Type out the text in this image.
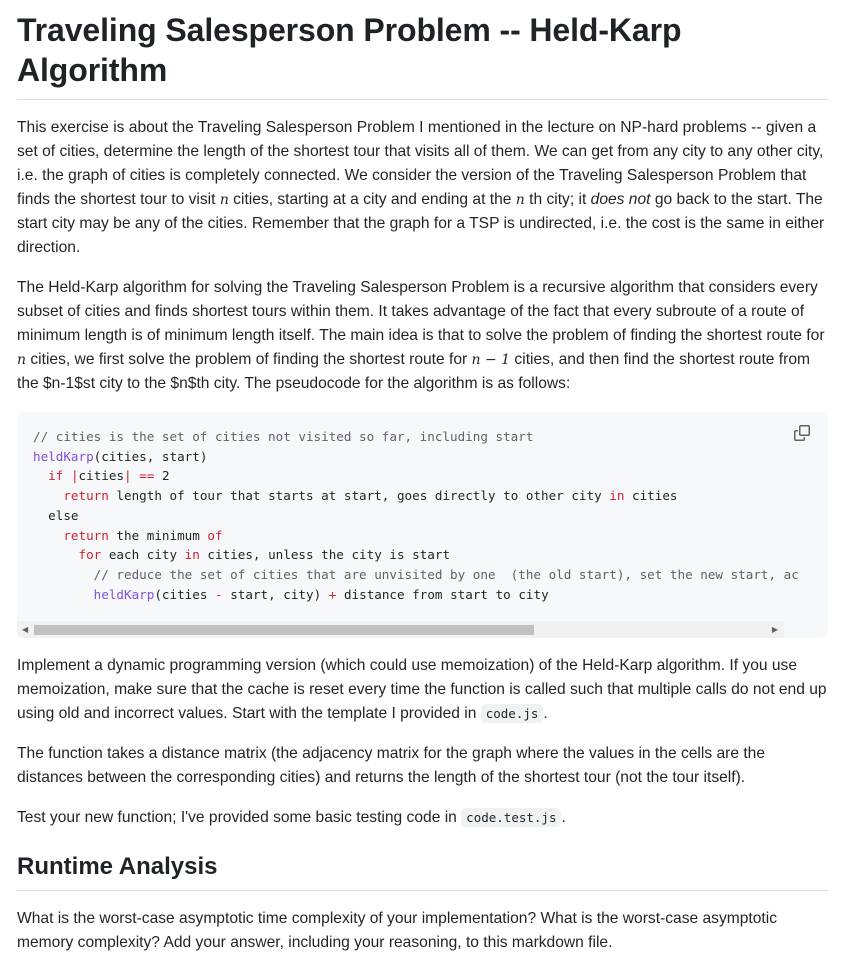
Traveling Salesperson Problem -- Held-Karp Algorithm

This exercise is about the Traveling Salesperson Problem I mentioned in the lecture on NP-hard problems -- given a set of cities, determine the length of the shortest tour that visits all of them. We can get from any city to any other city, i.e. the graph of cities is completely connected. We consider the version of the Traveling Salesperson Problem that finds the shortest tour to visit n cities, starting at a city and ending at the n th city; it does not go back to the start. The start city may be any of the cities. Remember that the graph for a TSP is undirected, i.e. the cost is the same in either direction.

The Held-Karp algorithm for solving the Traveling Salesperson Problem is a recursive algorithm that considers every subset of cities and finds shortest tours within them. It takes advantage of the fact that every subroute of a route of minimum length is of minimum length itself. The main idea is that to solve the problem of finding the shortest route for n cities, we first solve the problem of finding the shortest route for n − 1 cities, and then find the shortest route from the $n-1$st city to the $n$th city. The pseudocode for the algorithm is as follows:

// cities is the set of cities not visited so far, including start
heldKarp(cities, start)
if |cities| == 2
return length of tour that starts at start, goes directly to other city in cities
else
return the minimum of
for each city in cities, unless the city is start
// reduce the set of cities that are unvisited by one  (the old start), set the new start, ac
heldKarp(cities - start, city) + distance from start to city
◀	▶

Implement a dynamic programming version (which could use memoization) of the Held-Karp algorithm. If you use memoization, make sure that the cache is reset every time the function is called such that multiple calls do not end up using old and incorrect values. Start with the template I provided in code.js .

The function takes a distance matrix (the adjacency matrix for the graph where the values in the cells are the distances between the corresponding cities) and returns the length of the shortest tour (not the tour itself).

Test your new function; I've provided some basic testing code in code.test.js .

Runtime Analysis

What is the worst-case asymptotic time complexity of your implementation? What is the worst-case asymptotic memory complexity? Add your answer, including your reasoning, to this markdown file.
